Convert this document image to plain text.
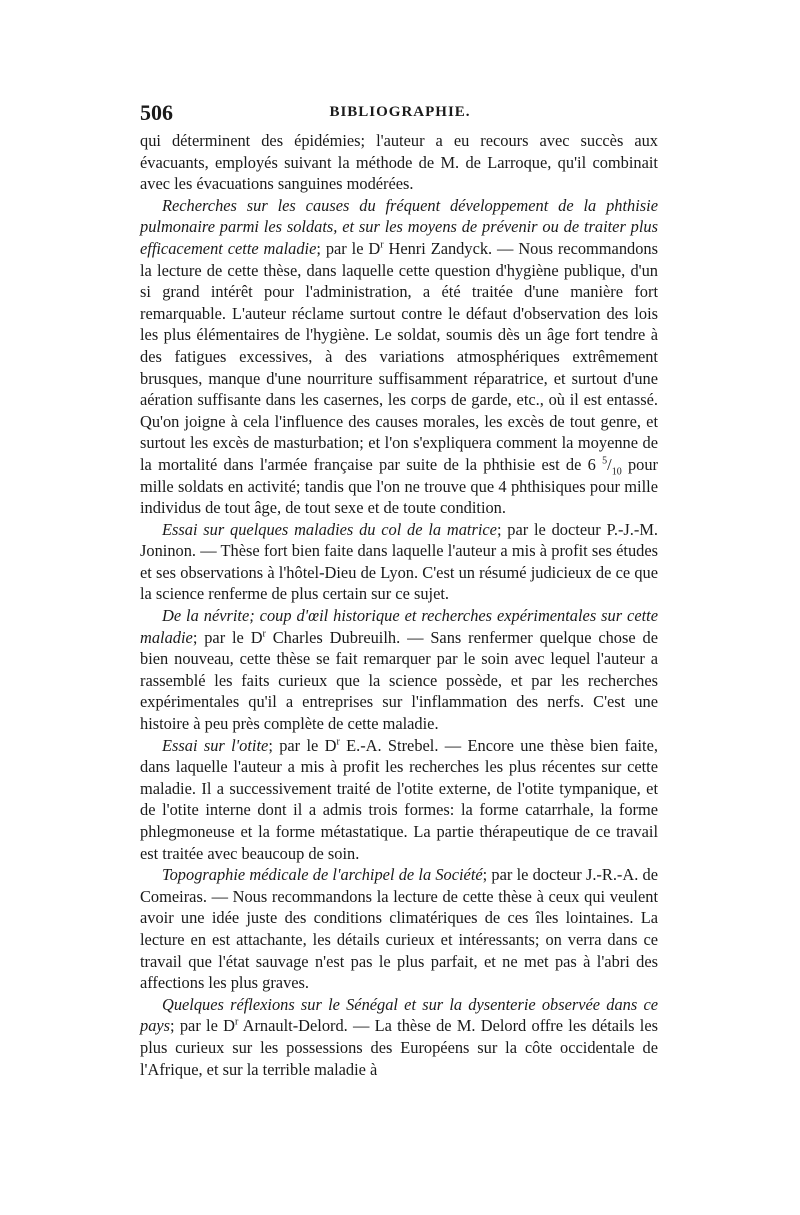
506	BIBLIOGRAPHIE.

qui déterminent des épidémies; l'auteur a eu recours avec succès aux évacuants, employés suivant la méthode de M. de Larroque, qu'il combinait avec les évacuations sanguines modérées.

Recherches sur les causes du fréquent développement de la phthisie pulmonaire parmi les soldats, et sur les moyens de prévenir ou de traiter plus efficacement cette maladie; par le $D^r$ Henri Zandyck. — Nous recommandons la lecture de cette thèse, dans laquelle cette question d'hygiène publique, d'un si grand intérêt pour l'administration, a été traitée d'une manière fort remarquable. L'auteur réclame surtout contre le défaut d'observation des lois les plus élémentaires de l'hygiène. Le soldat, soumis dès un âge fort tendre à des fatigues excessives, à des variations atmosphériques extrêmement brusques, manque d'une nourriture suffisamment réparatrice, et surtout d'une aération suffisante dans les casernes, les corps de garde, etc., où il est entassé. Qu'on joigne à cela l'influence des causes morales, les excès de tout genre, et surtout les excès de masturbation; et l'on s'expliquera comment la moyenne de la mortalité dans l'armée française par suite de la phthisie est de 6 $^5/_{10}$ pour mille soldats en activité; tandis que l'on ne trouve que 4 phthisiques pour mille individus de tout âge, de tout sexe et de toute condition.

Essai sur quelques maladies du col de la matrice; par le docteur P.-J.-M. Joninon. — Thèse fort bien faite dans laquelle l'auteur a mis à profit ses études et ses observations à l'hôtel-Dieu de Lyon. C'est un résumé judicieux de ce que la science renferme de plus certain sur ce sujet.

De la névrite; coup d'œil historique et recherches expérimentales sur cette maladie; par le $D^r$ Charles Dubreuilh. — Sans renfermer quelque chose de bien nouveau, cette thèse se fait remarquer par le soin avec lequel l'auteur a rassemblé les faits curieux que la science possède, et par les recherches expérimentales qu'il a entreprises sur l'inflammation des nerfs. C'est une histoire à peu près complète de cette maladie.

Essai sur l'otite; par le $D^r$ E.-A. Strebel. — Encore une thèse bien faite, dans laquelle l'auteur a mis à profit les recherches les plus récentes sur cette maladie. Il a successivement traité de l'otite externe, de l'otite tympanique, et de l'otite interne dont il a admis trois formes: la forme catarrhale, la forme phlegmoneuse et la forme métastatique. La partie thérapeutique de ce travail est traitée avec beaucoup de soin.

Topographie médicale de l'archipel de la Société; par le docteur J.-R.-A. de Comeiras. — Nous recommandons la lecture de cette thèse à ceux qui veulent avoir une idée juste des conditions climatériques de ces îles lointaines. La lecture en est attachante, les détails curieux et intéressants; on verra dans ce travail que l'état sauvage n'est pas le plus parfait, et ne met pas à l'abri des affections les plus graves.

Quelques réflexions sur le Sénégal et sur la dysenterie observée dans ce pays; par le $D^r$ Arnault-Delord. — La thèse de M. Delord offre les détails les plus curieux sur les possessions des Européens sur la côte occidentale de l'Afrique, et sur la terrible maladie à
